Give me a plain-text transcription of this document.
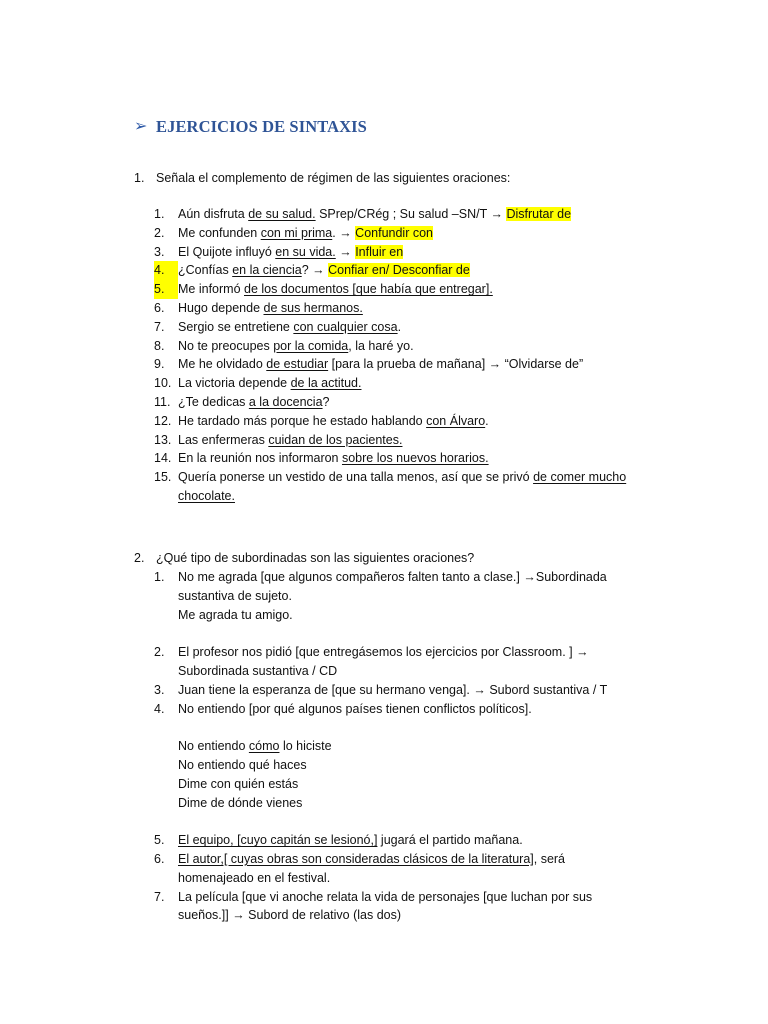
➢ EJERCICIOS DE SINTAXIS
1. Señala el complemento de régimen de las siguientes oraciones:
1.	Aún disfruta de su salud. SPrep/CRég ; Su salud –SN/T → Disfrutar de
2.	Me confunden con mi prima. → Confundir con
3.	El Quijote influyó en su vida. → Influir en
4.	¿Confías en la ciencia? → Confiar en/ Desconfiar de
5.	Me informó de los documentos [que había que entregar].
6.	Hugo depende de sus hermanos.
7.	Sergio se entretiene con cualquier cosa.
8.	No te preocupes por la comida, la haré yo.
9.	Me he olvidado de estudiar [para la prueba de mañana] → “Olvidarse de”
10. La victoria depende de la actitud.
11. ¿Te dedicas a la docencia?
12. He tardado más porque he estado hablando con Álvaro.
13. Las enfermeras cuidan de los pacientes.
14. En la reunión nos informaron sobre los nuevos horarios.
15. Quería ponerse un vestido de una talla menos, así que se privó de comer mucho
chocolate.
2. ¿Qué tipo de subordinadas son las siguientes oraciones?
1.	No me agrada [que algunos compañeros falten tanto a clase.] →Subordinada
sustantiva de sujeto.
Me agrada tu amigo.
2.	El profesor nos pidió [que entregásemos los ejercicios por Classroom. ] →
Subordinada sustantiva / CD
3.	Juan tiene la esperanza de [que su hermano venga]. → Subord sustantiva / T
4.	No entiendo [por qué algunos países tienen conflictos políticos].
No entiendo cómo lo hiciste
No entiendo qué haces
Dime con quién estás
Dime de dónde vienes
5.	El equipo, [cuyo capitán se lesionó,] jugará el partido mañana.
6.	El autor,[ cuyas obras son consideradas clásicos de la literatura], será
homenajeado en el festival.
7.	La película [que vi anoche relata la vida de personajes [que luchan por sus
sueños.]] → Subord de relativo (las dos)
